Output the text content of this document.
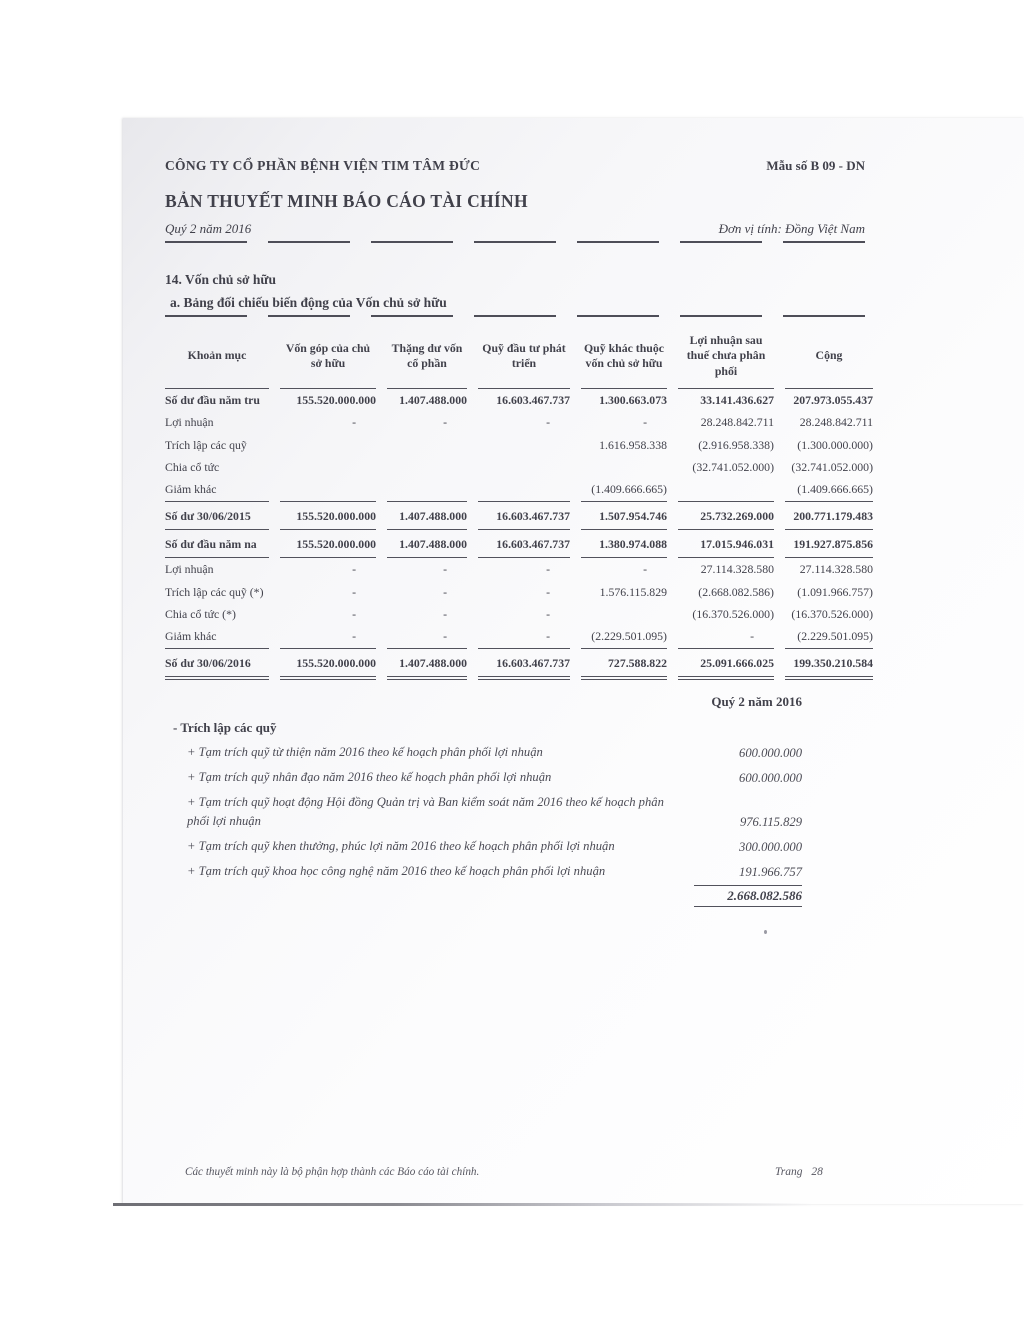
CÔNG TY CỔ PHẦN BỆNH VIỆN TIM TÂM ĐỨC	Mẫu số B 09 - DN
BẢN THUYẾT MINH BÁO CÁO TÀI CHÍNH
Quý 2 năm 2016	Đơn vị tính: Đồng Việt Nam
14. Vốn chủ sở hữu
a. Bảng đối chiếu biến động của Vốn chủ sở hữu
Khoản mục	Vốn góp của chủ sở hữu	Thặng dư vốn cổ phần	Quỹ đầu tư phát triển	Quỹ khác thuộc vốn chủ sở hữu	Lợi nhuận sau thuế chưa phân phối	Cộng
Số dư đầu năm tru	155.520.000.000	1.407.488.000	16.603.467.737	1.300.663.073	33.141.436.627	207.973.055.437
Lợi nhuận	-	-	-	-	28.248.842.711	28.248.842.711
Trích lập các quỹ				1.616.958.338	(2.916.958.338)	(1.300.000.000)
Chia cổ tức					(32.741.052.000)	(32.741.052.000)
Giảm khác				(1.409.666.665)		(1.409.666.665)
Số dư 30/06/2015	155.520.000.000	1.407.488.000	16.603.467.737	1.507.954.746	25.732.269.000	200.771.179.483
Số dư đầu năm na	155.520.000.000	1.407.488.000	16.603.467.737	1.380.974.088	17.015.946.031	191.927.875.856
Lợi nhuận	-	-	-	-	27.114.328.580	27.114.328.580
Trích lập các quỹ (*)	-	-	-	1.576.115.829	(2.668.082.586)	(1.091.966.757)
Chia cổ tức (*)	-	-	-		(16.370.526.000)	(16.370.526.000)
Giảm khác	-	-	-	(2.229.501.095)	-	(2.229.501.095)
Số dư 30/06/2016	155.520.000.000	1.407.488.000	16.603.467.737	727.588.822	25.091.666.025	199.350.210.584
Quý 2 năm 2016
- Trích lập các quỹ
+ Tạm trích quỹ từ thiện năm 2016 theo kế hoạch phân phối lợi nhuận	600.000.000
+ Tạm trích quỹ nhân đạo năm 2016 theo kế hoạch phân phối lợi nhuận	600.000.000
+ Tạm trích quỹ hoạt động Hội đồng Quản trị và Ban kiểm soát năm 2016 theo kế hoạch phân phối lợi nhuận	976.115.829
+ Tạm trích quỹ khen thưởng, phúc lợi năm 2016 theo kế hoạch phân phối lợi nhuận	300.000.000
+ Tạm trích quỹ khoa học công nghệ năm 2016 theo kế hoạch phân phối lợi nhuận	191.966.757
2.668.082.586
Các thuyết minh này là bộ phận hợp thành các Báo cáo tài chính.	Trang 28
